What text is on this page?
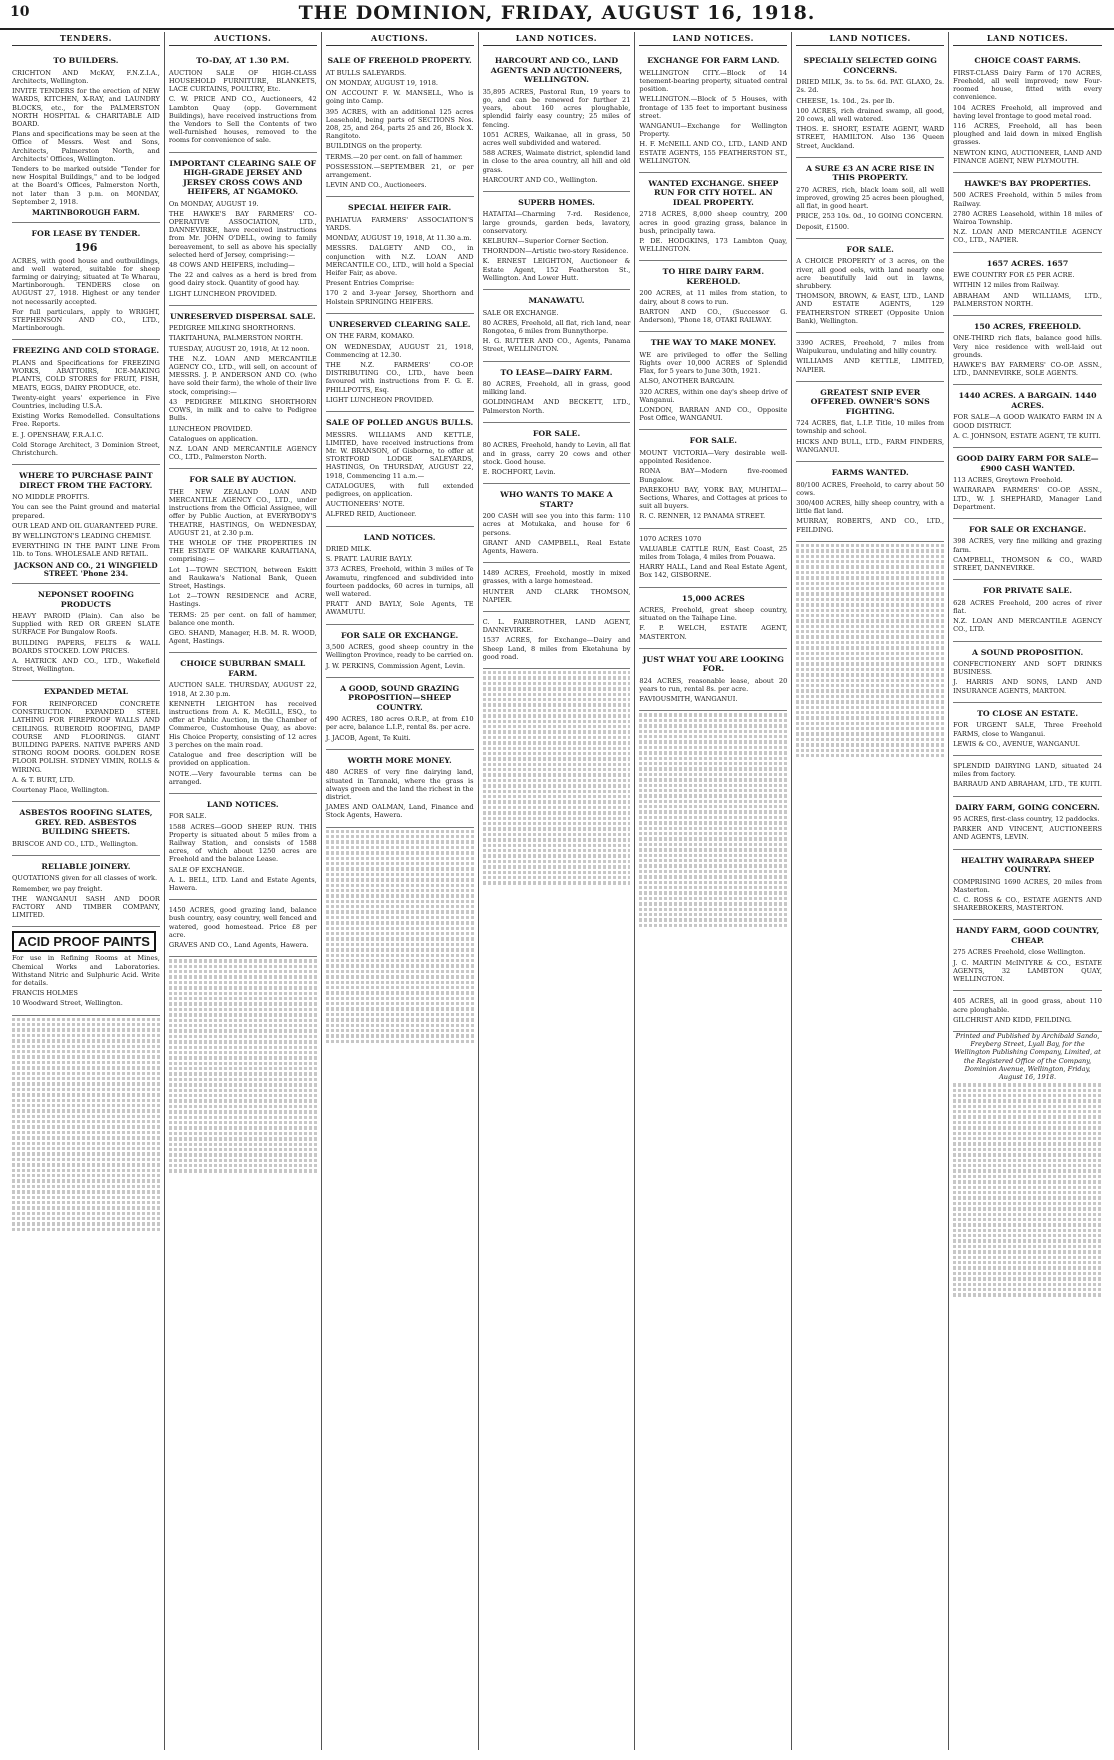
10	THE DOMINION, FRIDAY, AUGUST 16, 1918.
TENDERS.
TO BUILDERS.

CRICHTON AND McKAY, F.N.Z.I.A., Architects, Wellington.

INVITE TENDERS for the erection of NEW WARDS, KITCHEN, X-RAY, and LAUNDRY BLOCKS, etc., for the PALMERSTON NORTH HOSPITAL & CHARITABLE AID BOARD.

Plans and specifications may be seen at the Office of Messrs. West and Sons, Architects, Palmerston North, and Architects' Offices, Wellington.

Tenders to be marked outside "Tender for new Hospital Buildings," and to be lodged at the Board's Offices, Palmerston North, not later than 3 p.m. on MONDAY, September 2, 1918.

MARTINBOROUGH FARM.
FOR LEASE BY TENDER.
196

ACRES, with good house and outbuildings, and well watered, suitable for sheep farming or dairying; situated at Te Wharau, Martinborough. TENDERS close on AUGUST 27, 1918. Highest or any tender not necessarily accepted.

For full particulars, apply to WRIGHT, STEPHENSON AND CO., LTD., Martinborough.

FREEZING AND COLD STORAGE.

PLANS and Specifications for FREEZING WORKS, ABATTOIRS, ICE-MAKING PLANTS, COLD STORES for FRUIT, FISH, MEATS, EGGS, DAIRY PRODUCE, etc.

Twenty-eight years' experience in Five Countries, including U.S.A.

Existing Works Remodelled. Consultations Free. Reports.

E. J. OPENSHAW, F.R.A.I.C.

Cold Storage Architect, 3 Dominion Street, Christchurch.

WHERE TO PURCHASE PAINT DIRECT FROM THE FACTORY.

NO MIDDLE PROFITS.

You can see the Paint ground and material prepared.

OUR LEAD AND OIL GUARANTEED PURE.

BY WELLINGTON'S LEADING CHEMIST.

EVERYTHING IN THE PAINT LINE From 1lb. to Tons. WHOLESALE AND RETAIL.

JACKSON AND CO., 21 WINGFIELD STREET. 'Phone 234.
NEPONSET ROOFING PRODUCTS

HEAVY PAROID (Plain). Can also be Supplied with RED OR GREEN SLATE SURFACE For Bungalow Roofs.

BUILDING PAPERS, FELTS & WALL BOARDS STOCKED. LOW PRICES.

A. HATRICK AND CO., LTD., Wakefield Street, Wellington.

EXPANDED METAL

FOR REINFORCED CONCRETE CONSTRUCTION. EXPANDED STEEL LATHING FOR FIREPROOF WALLS AND CEILINGS. RUBEROID ROOFING, DAMP COURSE AND FLOORINGS. GIANT BUILDING PAPERS. NATIVE PAPERS AND STRONG ROOM DOORS. GOLDEN ROSE FLOOR POLISH. SYDNEY VIMIN, ROLLS & WIRING.

A. & T. BURT, LTD.

Courtenay Place, Wellington.

ASBESTOS ROOFING SLATES, GREY. RED. ASBESTOS BUILDING SHEETS.

BRISCOE AND CO., LTD., Wellington.

RELIABLE JOINERY.

QUOTATIONS given for all classes of work.

Remember, we pay freight.

THE WANGANUI SASH AND DOOR FACTORY AND TIMBER COMPANY, LIMITED.

ACID PROOF PAINTS

For use in Refining Rooms at Mines, Chemical Works and Laboratories. Withstand Nitric and Sulphuric Acid. Write for details.

FRANCIS HOLMES

10 Woodward Street, Wellington.

AUCTIONS.
TO-DAY, AT 1.30 P.M.

AUCTION SALE OF HIGH-CLASS HOUSEHOLD FURNITURE, BLANKETS, LACE CURTAINS, POULTRY, Etc.

C. W. PRICE AND CO., Auctioneers, 42 Lambton Quay (opp. Government Buildings), have received instructions from the Vendors to Sell the Contents of two well-furnished houses, removed to the rooms for convenience of sale.

IMPORTANT CLEARING SALE OF HIGH-GRADE JERSEY AND JERSEY CROSS COWS AND HEIFERS, AT NGAMOKO.

On MONDAY, AUGUST 19.

THE HAWKE'S BAY FARMERS' CO-OPERATIVE ASSOCIATION, LTD., DANNEVIRKE, have received instructions from Mr. JOHN O'DELL, owing to family bereavement, to sell as above his specially selected herd of Jersey, comprising:—

48 COWS AND HEIFERS, including—

The 22 and calves as a herd is bred from good dairy stock. Quantity of good hay.

LIGHT LUNCHEON PROVIDED.

UNRESERVED DISPERSAL SALE.

PEDIGREE MILKING SHORTHORNS.

TIAKITAHUNA, PALMERSTON NORTH.

TUESDAY, AUGUST 20, 1918, At 12 noon.

THE N.Z. LOAN AND MERCANTILE AGENCY CO., LTD., will sell, on account of MESSRS. J. P. ANDERSON AND CO. (who have sold their farm), the whole of their live stock, comprising:—

43 PEDIGREE MILKING SHORTHORN COWS, in milk and to calve to Pedigree Bulls.

LUNCHEON PROVIDED.

Catalogues on application.

N.Z. LOAN AND MERCANTILE AGENCY CO., LTD., Palmerston North.

FOR SALE BY AUCTION.

THE NEW ZEALAND LOAN AND MERCANTILE AGENCY CO., LTD., under instructions from the Official Assignee, will offer by Public Auction, at EVERYBODY'S THEATRE, HASTINGS, On WEDNESDAY, AUGUST 21, at 2.30 p.m.

THE WHOLE OF THE PROPERTIES IN THE ESTATE OF WAIKARE KARAITIANA, comprising:—

Lot 1—TOWN SECTION, between Eskitt and Raukawa's National Bank, Queen Street, Hastings.

Lot 2—TOWN RESIDENCE and ACRE, Hastings.

TERMS: 25 per cent. on fall of hammer, balance one month.

GEO. SHAND, Manager, H.B. M. R. WOOD, Agent, Hastings.

CHOICE SUBURBAN SMALL FARM.

AUCTION SALE. THURSDAY, AUGUST 22, 1918, At 2.30 p.m.

KENNETH LEIGHTON has received instructions from A. K. McGILL, ESQ., to offer at Public Auction, in the Chamber of Commerce, Customhouse Quay, as above: His Choice Property, consisting of 12 acres 3 perches on the main road.

Catalogue and free description will be provided on application.

NOTE.—Very favourable terms can be arranged.

LAND NOTICES.

FOR SALE.

1588 ACRES—GOOD SHEEP RUN. THIS Property is situated about 5 miles from a Railway Station, and consists of 1588 acres, of which about 1250 acres are Freehold and the balance Lease.

SALE OF EXCHANGE.

A. L. BELL, LTD. Land and Estate Agents, Hawera.

1450 ACRES, good grazing land, balance bush country, easy country, well fenced and watered, good homestead. Price £8 per acre.

GRAVES AND CO., Land Agents, Hawera.

AUCTIONS.
SALE OF FREEHOLD PROPERTY.

AT BULLS SALEYARDS.

ON MONDAY, AUGUST 19, 1918.

ON ACCOUNT F. W. MANSELL, Who is going into Camp.

395 ACRES, with an additional 125 acres Leasehold, being parts of SECTIONS Nos. 208, 25, and 264, parts 25 and 26, Block X. Rangitoto.

BUILDINGS on the property.

TERMS.—20 per cent. on fall of hammer.

POSSESSION.—SEPTEMBER 21, or per arrangement.

LEVIN AND CO., Auctioneers.

SPECIAL HEIFER FAIR.

PAHIATUA FARMERS' ASSOCIATION'S YARDS.

MONDAY, AUGUST 19, 1918, At 11.30 a.m.

MESSRS. DALGETY AND CO., in conjunction with N.Z. LOAN AND MERCANTILE CO., LTD., will hold a Special Heifer Fair, as above.

Present Entries Comprise:

170 2 and 3-year Jersey, Shorthorn and Holstein SPRINGING HEIFERS.

UNRESERVED CLEARING SALE.

ON THE FARM, KOMAKO.

ON WEDNESDAY, AUGUST 21, 1918, Commencing at 12.30.

THE N.Z. FARMERS' CO-OP. DISTRIBUTING CO., LTD., have been favoured with instructions from F. G. E. PHILLPOTTS, Esq.

LIGHT LUNCHEON PROVIDED.

SALE OF POLLED ANGUS BULLS.

MESSRS. WILLIAMS AND KETTLE, LIMITED, have received instructions from Mr. W. BRANSON, of Gisborne, to offer at STORTFORD LODGE SALEYARDS, HASTINGS, On THURSDAY, AUGUST 22, 1918, Commencing 11 a.m.—

CATALOGUES, with full extended pedigrees, on application.

AUCTIONEERS' NOTE.

ALFRED REID, Auctioneer.

LAND NOTICES.

DRIED MILK.

S. PRATT. LAURIE BAYLY.

373 ACRES, Freehold, within 3 miles of Te Awamutu, ringfenced and subdivided into fourteen paddocks, 60 acres in turnips, all well watered.

PRATT AND BAYLY, Sole Agents, TE AWAMUTU.

FOR SALE OR EXCHANGE.

3,500 ACRES, good sheep country in the Wellington Province, ready to be carried on.

J. W. PERKINS, Commission Agent, Levin.

A GOOD, SOUND GRAZING PROPOSITION—SHEEP COUNTRY.

490 ACRES, 180 acres O.R.P., at from £10 per acre, balance L.I.P., rental 8s. per acre.

J. JACOB, Agent, Te Kuiti.

WORTH MORE MONEY.

480 ACRES of very fine dairying land, situated in Taranaki, where the grass is always green and the land the richest in the district.

JAMES AND OALMAN, Land, Finance and Stock Agents, Hawera.

LAND NOTICES.
HARCOURT AND CO., LAND AGENTS AND AUCTIONEERS, WELLINGTON.

35,895 ACRES, Pastoral Run, 19 years to go, and can be renewed for further 21 years, about 160 acres ploughable, splendid fairly easy country; 25 miles of fencing.

1051 ACRES, Waikanae, all in grass, 50 acres well subdivided and watered.

588 ACRES, Waimate district, splendid land in close to the area country, all hill and old grass.

HARCOURT AND CO., Wellington.

SUPERB HOMES.

HATAITAI—Charming 7-rd. Residence, large grounds, garden beds, lavatory, conservatory.

KELBURN—Superior Corner Section.

THORNDON—Artistic two-story Residence.

K. ERNEST LEIGHTON, Auctioneer & Estate Agent, 152 Featherston St., Wellington. And Lower Hutt.

MANAWATU.

SALE OR EXCHANGE.

80 ACRES, Freehold, all flat, rich land, near Rongotea, 6 miles from Bunnythorpe.

H. G. RUTTER AND CO., Agents, Panama Street, WELLINGTON.

TO LEASE—DAIRY FARM.

80 ACRES, Freehold, all in grass, good milking land.

GOLDINGHAM AND BECKETT, LTD., Palmerston North.

FOR SALE.

80 ACRES, Freehold, handy to Levin, all flat and in grass, carry 20 cows and other stock. Good house.

E. ROCHFORT, Levin.

WHO WANTS TO MAKE A START?

200 CASH will see you into this farm: 110 acres at Motukaka, and house for 6 persons.

GRANT AND CAMPBELL, Real Estate Agents, Hawera.

1489 ACRES, Freehold, mostly in mixed grasses, with a large homestead.

HUNTER AND CLARK THOMSON, NAPIER.

C. L. FAIRBROTHER, LAND AGENT, DANNEVIRKE.

1537 ACRES, for Exchange—Dairy and Sheep Land, 8 miles from Eketahuna by good road.

LAND NOTICES.
EXCHANGE FOR FARM LAND.

WELLINGTON CITY.—Block of 14 tenement-bearing property, situated central position.

WELLINGTON.—Block of 5 Houses, with frontage of 135 feet to important business street.

WANGANUI—Exchange for Wellington Property.

H. F. McNEILL AND CO., LTD., LAND AND ESTATE AGENTS, 155 FEATHERSTON ST., WELLINGTON.

WANTED EXCHANGE. SHEEP RUN FOR CITY HOTEL. AN IDEAL PROPERTY.

2718 ACRES, 8,000 sheep country, 200 acres in good grazing grass, balance in bush, principally tawa.

P. DE. HODGKINS, 173 Lambton Quay, WELLINGTON.

TO HIRE DAIRY FARM. KEREHOLD.

200 ACRES, at 11 miles from station, to dairy, about 8 cows to run.

BARTON AND CO., (Successor G. Anderson), 'Phone 18, OTAKI RAILWAY.

THE WAY TO MAKE MONEY.

WE are privileged to offer the Selling Rights over 10,000 ACRES of Splendid Flax, for 5 years to June 30th, 1921.

ALSO, ANOTHER BARGAIN.

320 ACRES, within one day's sheep drive of Wanganui.

LONDON, BARRAN AND CO., Opposite Post Office, WANGANUI.

FOR SALE.

MOUNT VICTORIA—Very desirable well-appointed Residence.

RONA BAY—Modern five-roomed Bungalow.

PAREKOHU BAY, YORK BAY, MUHITAI—Sections, Whares, and Cottages at prices to suit all buyers.

R. C. RENNER, 12 PANAMA STREET.

1070 ACRES 1070

VALUABLE CATTLE RUN, East Coast, 25 miles from Tolaga, 4 miles from Pouawa.

HARRY HALL, Land and Real Estate Agent, Box 142, GISBORNE.

15,000 ACRES

ACRES, Freehold, great sheep country, situated on the Taihape Line.

F. P. WELCH, ESTATE AGENT, MASTERTON.

JUST WHAT YOU ARE LOOKING FOR.

824 ACRES, reasonable lease, about 20 years to run, rental 8s. per acre.

FAVIOUSMITH, WANGANUI.

LAND NOTICES.
SPECIALLY SELECTED GOING CONCERNS.

DRIED MILK, 3s. to 5s. 6d. PAT. GLAXO, 2s. 2s. 2d.

CHEESE, 1s. 10d., 2s. per lb.

100 ACRES, rich drained swamp, all good, 20 cows, all well watered.

THOS. E. SHORT, ESTATE AGENT, WARD STREET, HAMILTON. Also 136 Queen Street, Auckland.

A SURE £3 AN ACRE RISE IN THIS PROPERTY.

270 ACRES, rich, black loam soil, all well improved, growing 25 acres been ploughed, all flat, in good heart.

PRICE, 253 10s. 0d., 10 GOING CONCERN.

Deposit, £1500.

FOR SALE.

A CHOICE PROPERTY of 3 acres, on the river, all good eels, with land nearly one acre beautifully laid out in lawns, shrubbery.

THOMSON, BROWN, & EAST, LTD., LAND AND ESTATE AGENTS, 129 FEATHERSTON STREET (Opposite Union Bank), Wellington.

3390 ACRES, Freehold, 7 miles from Waipukurau, undulating and hilly country.

WILLIAMS AND KETTLE, LIMITED, NAPIER.

GREATEST SNIP EVER OFFERED. OWNER'S SONS FIGHTING.

724 ACRES, flat, L.I.P. Title, 10 miles from township and school.

HICKS AND BULL, LTD., FARM FINDERS, WANGANUI.

FARMS WANTED.

80/100 ACRES, Freehold, to carry about 50 cows.

300/400 ACRES, hilly sheep country, with a little flat land.

MURRAY, ROBERTS, AND CO., LTD., FEILDING.

LAND NOTICES.
CHOICE COAST FARMS.

FIRST-CLASS Dairy Farm of 170 ACRES, Freehold, all well improved; new Four-roomed house, fitted with every convenience.

104 ACRES Freehold, all improved and having level frontage to good metal road.

116 ACRES, Freehold, all has been ploughed and laid down in mixed English grasses.

NEWTON KING, AUCTIONEER, LAND AND FINANCE AGENT, NEW PLYMOUTH.

HAWKE'S BAY PROPERTIES.

500 ACRES Freehold, within 5 miles from Railway.

2780 ACRES Leasehold, within 18 miles of Wairoa Township.

N.Z. LOAN AND MERCANTILE AGENCY CO., LTD., NAPIER.

1657 ACRES. 1657

EWE COUNTRY FOR £5 PER ACRE.

WITHIN 12 miles from Railway.

ABRAHAM AND WILLIAMS, LTD., PALMERSTON NORTH.

150 ACRES, FREEHOLD.

ONE-THIRD rich flats, balance good hills. Very nice residence with well-laid out grounds.

HAWKE'S BAY FARMERS' CO-OP. ASSN., LTD., DANNEVIRKE, SOLE AGENTS.

1440 ACRES. A BARGAIN. 1440 ACRES.

FOR SALE—A GOOD WAIKATO FARM IN A GOOD DISTRICT.

A. C. JOHNSON, ESTATE AGENT, TE KUITI.

GOOD DAIRY FARM FOR SALE—£900 CASH WANTED.

113 ACRES, Greytown Freehold.

WAIRARAPA FARMERS' CO-OP. ASSN., LTD., W. J. SHEPHARD, Manager Land Department.

FOR SALE OR EXCHANGE.

398 ACRES, very fine milking and grazing farm.

CAMPBELL, THOMSON & CO., WARD STREET, DANNEVIRKE.

FOR PRIVATE SALE.

628 ACRES Freehold, 200 acres of river flat.

N.Z. LOAN AND MERCANTILE AGENCY CO., LTD.

A SOUND PROPOSITION.

CONFECTIONERY AND SOFT DRINKS BUSINESS.

J. HARRIS AND SONS, LAND AND INSURANCE AGENTS, MARTON.

TO CLOSE AN ESTATE.

FOR URGENT SALE, Three Freehold FARMS, close to Wanganui.

LEWIS & CO., AVENUE, WANGANUI.

SPLENDID DAIRYING LAND, situated 24 miles from factory.

BARRAUD AND ABRAHAM, LTD., TE KUITI.

DAIRY FARM, GOING CONCERN.

95 ACRES, first-class country, 12 paddocks.

PARKER AND VINCENT, AUCTIONEERS AND AGENTS, LEVIN.

HEALTHY WAIRARAPA SHEEP COUNTRY.

COMPRISING 1690 ACRES, 20 miles from Masterton.

C. C. ROSS & CO., ESTATE AGENTS AND SHAREBROKERS, MASTERTON.

HANDY FARM, GOOD COUNTRY, CHEAP.

275 ACRES Freehold, close Wellington.

J. C. MARTIN McINTYRE & CO., ESTATE AGENTS, 32 LAMBTON QUAY, WELLINGTON.

405 ACRES, all in good grass, about 110 acre ploughable.

GILCHRIST AND KIDD, FEILDING.

Printed and Published by Archibald Sando, Freyberg Street, Lyall Bay, for the Wellington Publishing Company, Limited, at the Registered Office of the Company, Dominion Avenue, Wellington, Friday, August 16, 1918.
